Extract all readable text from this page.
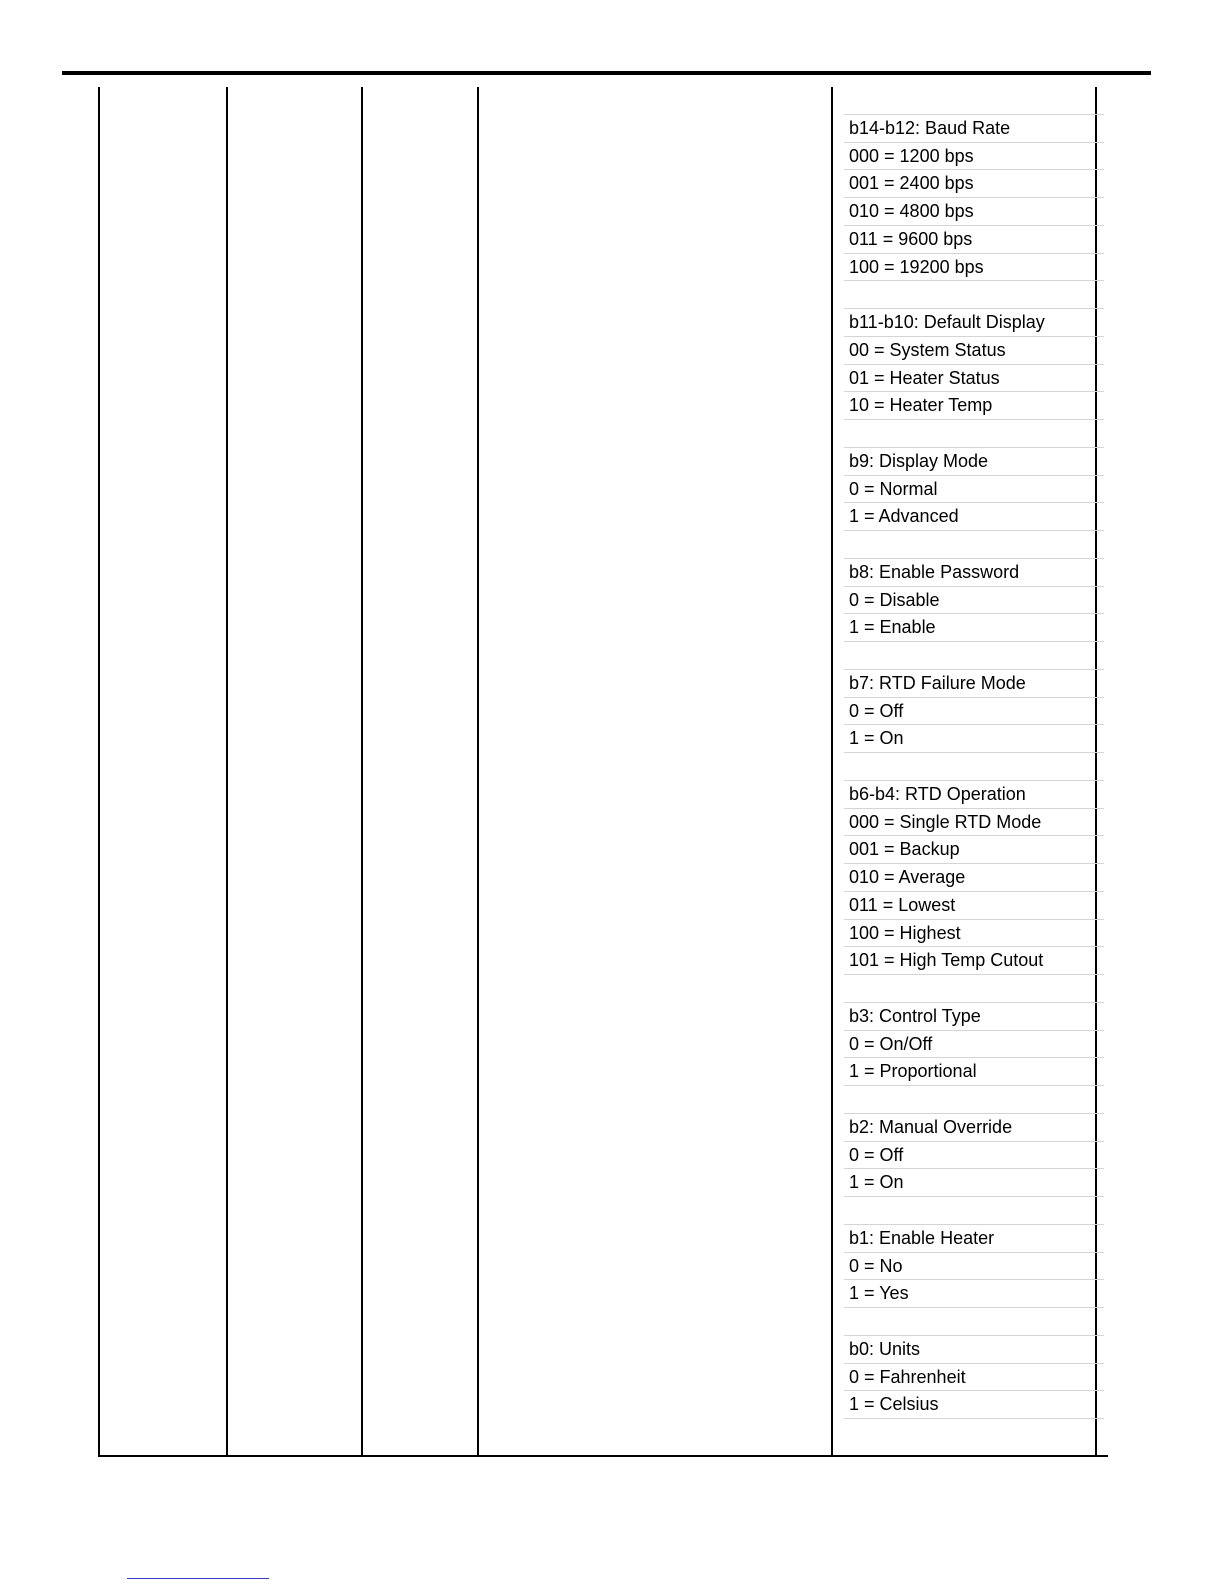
b14-b12: Baud Rate
000 = 1200 bps
001 = 2400 bps
010 = 4800 bps
011 = 9600 bps
100 = 19200 bps
b11-b10: Default Display
00 = System Status
01 = Heater Status
10 = Heater Temp
b9: Display Mode
0 = Normal
1 = Advanced
b8: Enable Password
0 = Disable
1 = Enable
b7: RTD Failure Mode
0 = Off
1 = On
b6-b4: RTD Operation
000 = Single RTD Mode
001 = Backup
010 = Average
011 = Lowest
100 = Highest
101 = High Temp Cutout
b3: Control Type
0 = On/Off
1 = Proportional
b2: Manual Override
0 = Off
1 = On
b1: Enable Heater
0 = No
1 = Yes
b0: Units
0 = Fahrenheit
1 = Celsius
